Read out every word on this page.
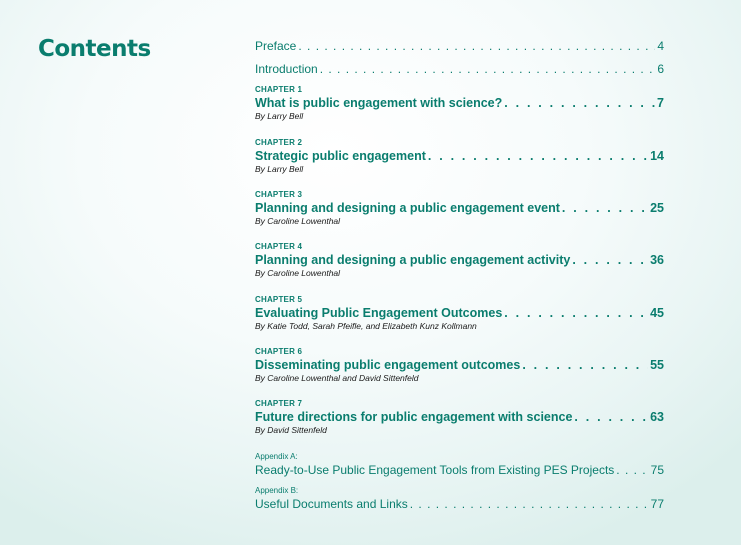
Contents	Preface . . .	4
Introduction . . .	6
CHAPTER 1
What is public engagement with science? . . .	7
By Larry Bell
CHAPTER 2
Strategic public engagement . . .	14
By Larry Bell
CHAPTER 3
Planning and designing a public engagement event . . .	25
By Caroline Lowenthal
CHAPTER 4
Planning and designing a public engagement activity . . .	36
By Caroline Lowenthal
CHAPTER 5
Evaluating Public Engagement Outcomes . . .	45
By Katie Todd, Sarah Pfeifle, and Elizabeth Kunz Kollmann
CHAPTER 6
Disseminating public engagement outcomes . . .	55
By Caroline Lowenthal and David Sittenfeld
CHAPTER 7
Future directions for public engagement with science . . .	63
By David Sittenfeld
Appendix A:
Ready-to-Use Public Engagement Tools from Existing PES Projects . . .	75
Appendix B:
Useful Documents and Links . . .	77
